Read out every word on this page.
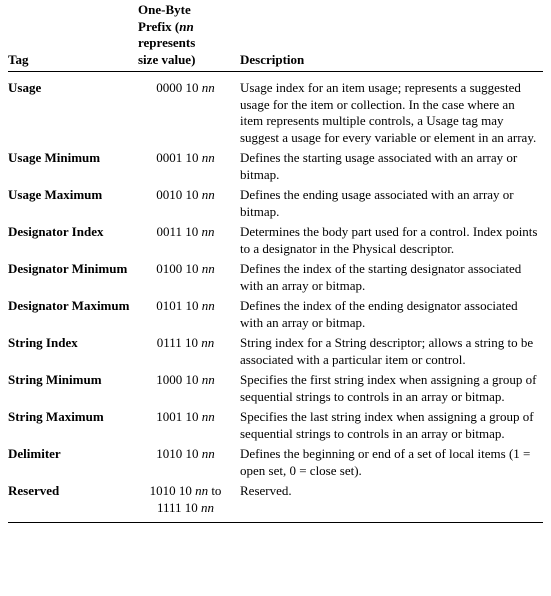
Tag	One-Byte
Prefix (nn
represents
size value)	Description
Usage	0000 10 nn	Usage index for an item usage; represents a suggested usage for the item or collection. In the case where an item represents multiple controls, a Usage tag may suggest a usage for every variable or element in an array.
Usage Minimum	0001 10 nn	Defines the starting usage associated with an array or bitmap.
Usage Maximum	0010 10 nn	Defines the ending usage associated with an array or bitmap.
Designator Index	0011 10 nn	Determines the body part used for a control. Index points to a designator in the Physical descriptor.
Designator Minimum	0100 10 nn	Defines the index of the starting designator associated with an array or bitmap.
Designator Maximum	0101 10 nn	Defines the index of the ending designator associated with an array or bitmap.
String Index	0111 10 nn	String index for a String descriptor; allows a string to be associated with a particular item or control.
String Minimum	1000 10 nn	Specifies the first string index when assigning a group of sequential strings to controls in an array or bitmap.
String Maximum	1001 10 nn	Specifies the last string index when assigning a group of sequential strings to controls in an array or bitmap.
Delimiter	1010 10 nn	Defines the beginning or end of a set of local items (1 = open set, 0 = close set).
Reserved	1010 10 nn to
1111 10 nn	Reserved.
